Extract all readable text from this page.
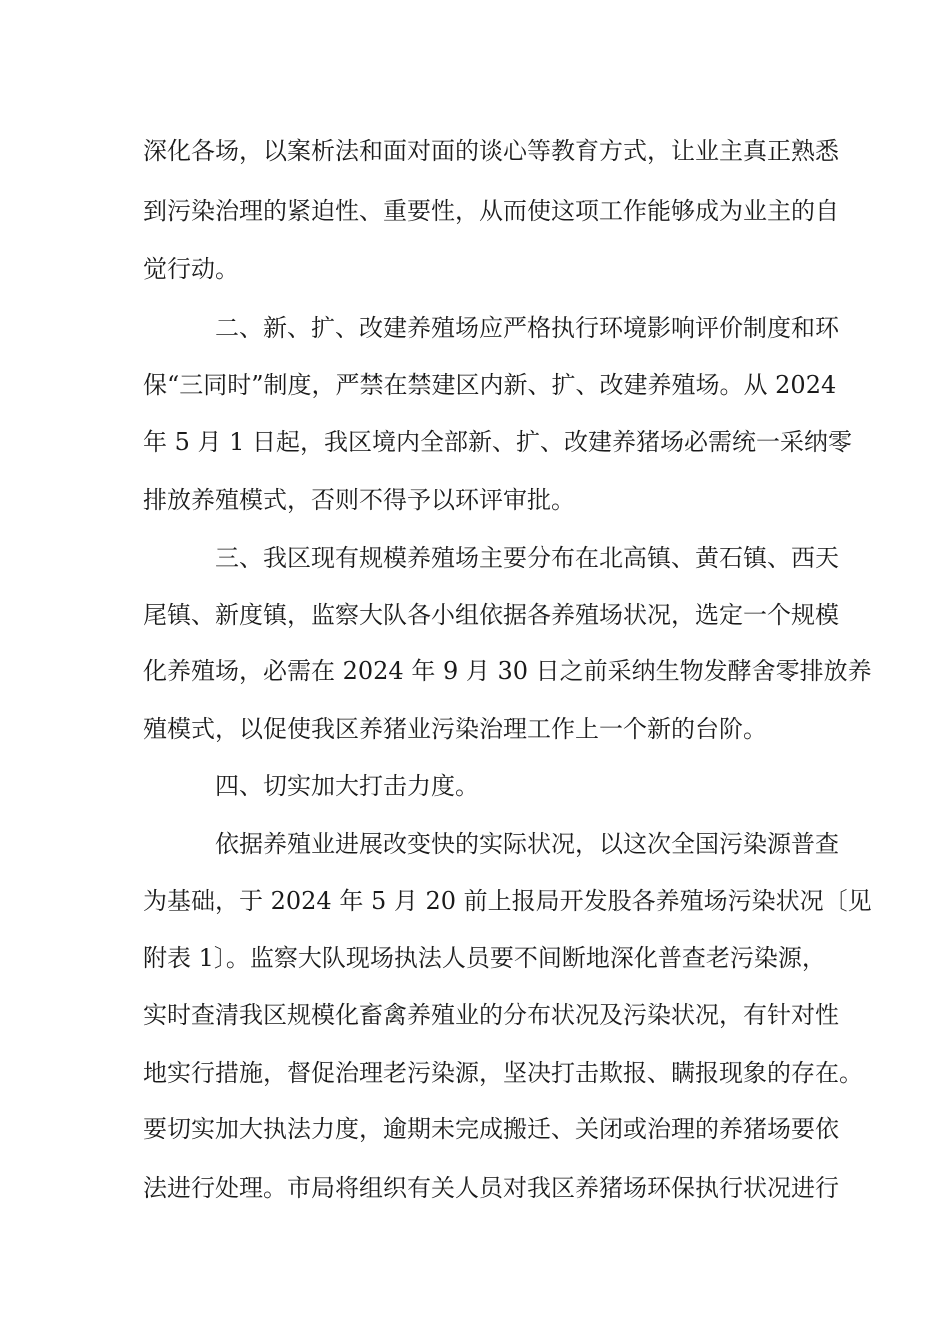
深化各场，以案析法和面对面的谈心等教育方式，让业主真正熟悉
到污染治理的紧迫性、重要性，从而使这项工作能够成为业主的自
觉行动。
二、新、扩、改建养殖场应严格执行环境影响评价制度和环
保“三同时”制度，严禁在禁建区内新、扩、改建养殖场。从 2024
年 5 月 1 日起，我区境内全部新、扩、改建养猪场必需统一采纳零
排放养殖模式，否则不得予以环评审批。
三、我区现有规模养殖场主要分布在北高镇、黄石镇、西天
尾镇、新度镇，监察大队各小组依据各养殖场状况，选定一个规模
化养殖场，必需在 2024 年 9 月 30 日之前采纳生物发酵舍零排放养
殖模式，以促使我区养猪业污染治理工作上一个新的台阶。
四、切实加大打击力度。
依据养殖业进展改变快的实际状况，以这次全国污染源普查
为基础，于 2024 年 5 月 20 前上报局开发股各养殖场污染状况〔见
附表 1〕。监察大队现场执法人员要不间断地深化普查老污染源，
实时查清我区规模化畜禽养殖业的分布状况及污染状况，有针对性
地实行措施，督促治理老污染源，坚决打击欺报、瞒报现象的存在。
要切实加大执法力度，逾期未完成搬迁、关闭或治理的养猪场要依
法进行处理。市局将组织有关人员对我区养猪场环保执行状况进行
